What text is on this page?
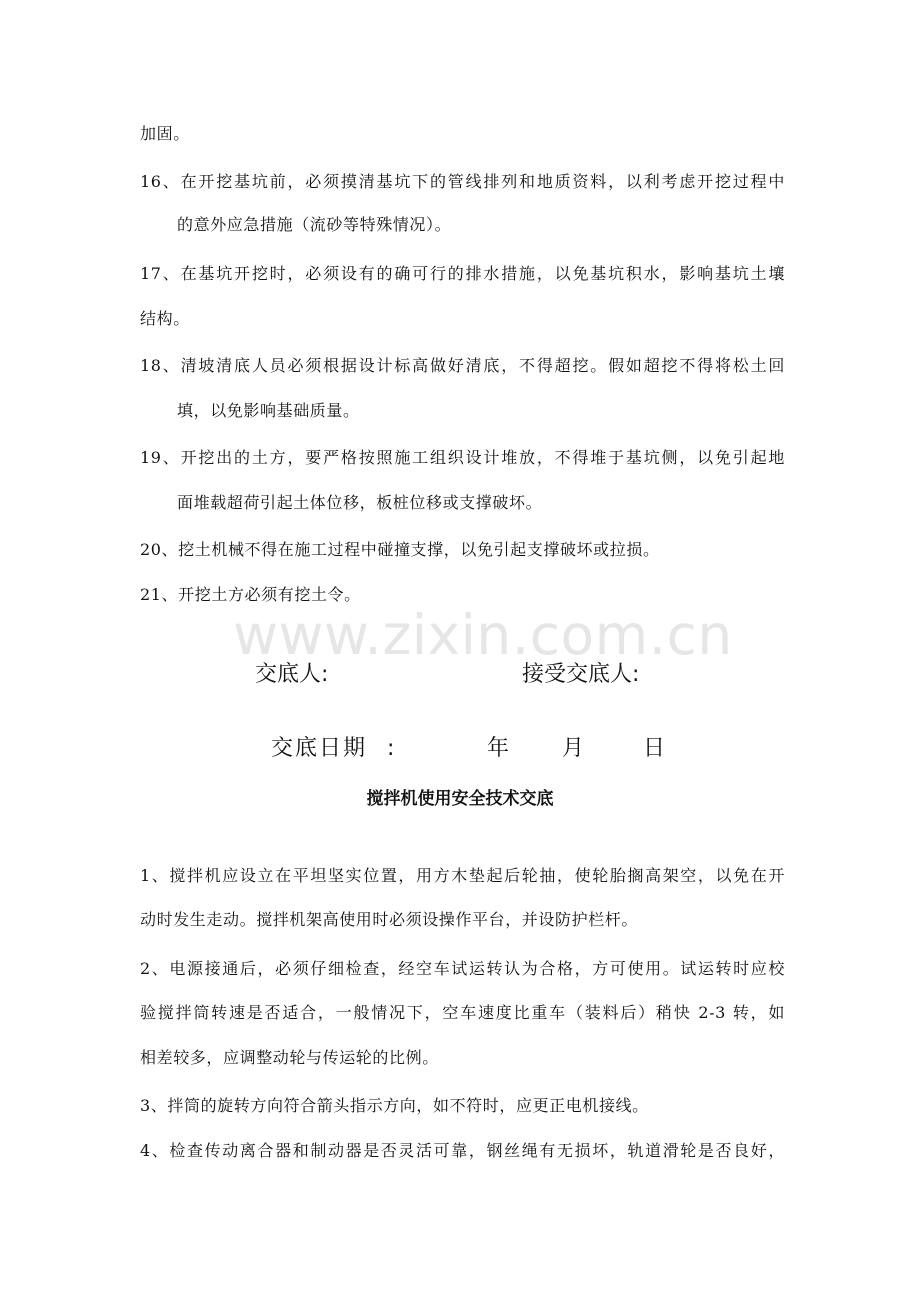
加固。
16、在开挖基坑前，必须摸清基坑下的管线排列和地质资料，以利考虑开挖过程中
的意外应急措施（流砂等特殊情况）。
17、在基坑开挖时，必须设有的确可行的排水措施，以免基坑积水，影响基坑土壤
结构。
18、清坡清底人员必须根据设计标高做好清底，不得超挖。假如超挖不得将松土回
填，以免影响基础质量。
19、开挖出的土方，要严格按照施工组织设计堆放，不得堆于基坑侧，以免引起地
面堆载超荷引起土体位移，板桩位移或支撑破坏。
20、挖土机械不得在施工过程中碰撞支撑，以免引起支撑破坏或拉损。
21、开挖土方必须有挖土令。
www.zixin.com.cn
交底人:	接受交底人:
交底日期 :	年 月	日
搅拌机使用安全技术交底
1、搅拌机应设立在平坦坚实位置，用方木垫起后轮抽，使轮胎搁高架空，以免在开
动时发生走动。搅拌机架高使用时必须设操作平台，并设防护栏杆。
2、电源接通后，必须仔细检查，经空车试运转认为合格，方可使用。试运转时应校
验搅拌筒转速是否适合，一般情况下，空车速度比重车（装料后）稍快 2-3 转，如
相差较多，应调整动轮与传运轮的比例。
3、拌筒的旋转方向符合箭头指示方向，如不符时，应更正电机接线。
4、检查传动离合器和制动器是否灵活可靠，钢丝绳有无损坏，轨道滑轮是否良好，
